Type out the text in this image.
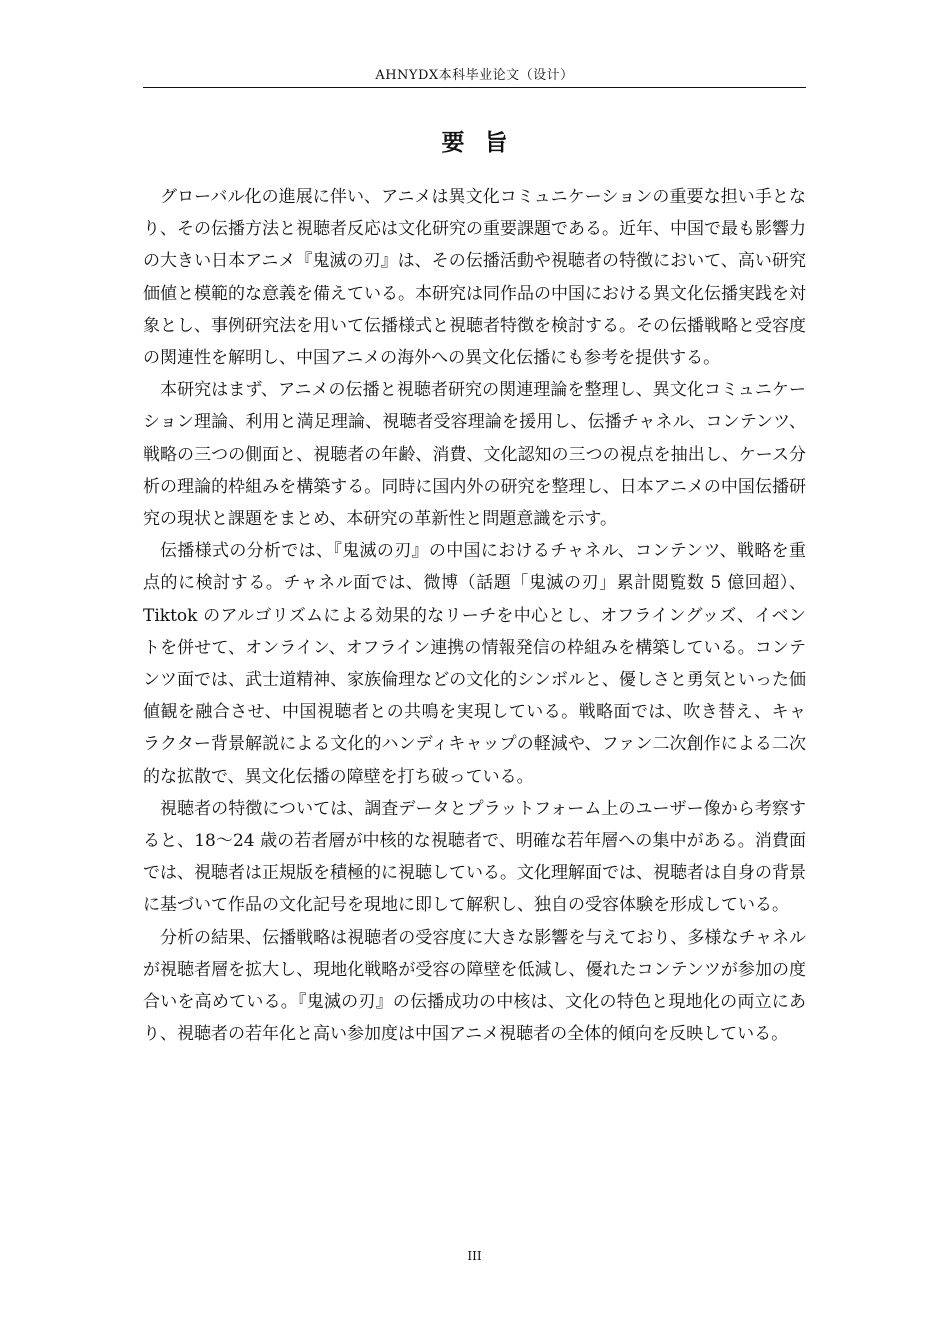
AHNYDX本科毕业论文（设计）
要旨

グローバル化の進展に伴い、アニメは異文化コミュニケーションの重要な担い手となり、その伝播方法と視聴者反応は文化研究の重要課題である。近年、中国で最も影響力の大きい日本アニメ『鬼滅の刃』は、その伝播活動や視聴者の特徴において、高い研究価値と模範的な意義を備えている。本研究は同作品の中国における異文化伝播実践を対象とし、事例研究法を用いて伝播様式と視聴者特徴を検討する。その伝播戦略と受容度の関連性を解明し、中国アニメの海外への異文化伝播にも参考を提供する。

本研究はまず、アニメの伝播と視聴者研究の関連理論を整理し、異文化コミュニケーション理論、利用と満足理論、視聴者受容理論を援用し、伝播チャネル、コンテンツ、戦略の三つの側面と、視聴者の年齢、消費、文化認知の三つの視点を抽出し、ケース分析の理論的枠組みを構築する。同時に国内外の研究を整理し、日本アニメの中国伝播研究の現状と課題をまとめ、本研究の革新性と問題意識を示す。

伝播様式の分析では、『鬼滅の刃』の中国におけるチャネル、コンテンツ、戦略を重点的に検討する。チャネル面では、微博（話題「鬼滅の刃」累計閲覧数 5 億回超）、Tiktok のアルゴリズムによる効果的なリーチを中心とし、オフライングッズ、イベントを併せて、オンライン、オフライン連携の情報発信の枠組みを構築している。コンテンツ面では、武士道精神、家族倫理などの文化的シンボルと、優しさと勇気といった価値観を融合させ、中国視聴者との共鳴を実現している。戦略面では、吹き替え、キャラクター背景解説による文化的ハンディキャップの軽減や、ファン二次創作による二次的な拡散で、異文化伝播の障壁を打ち破っている。

視聴者の特徴については、調査データとプラットフォーム上のユーザー像から考察すると、18～24 歳の若者層が中核的な視聴者で、明確な若年層への集中がある。消費面では、視聴者は正規版を積極的に視聴している。文化理解面では、視聴者は自身の背景に基づいて作品の文化記号を現地に即して解釈し、独自の受容体験を形成している。

分析の結果、伝播戦略は視聴者の受容度に大きな影響を与えており、多様なチャネルが視聴者層を拡大し、現地化戦略が受容の障壁を低減し、優れたコンテンツが参加の度合いを高めている。『鬼滅の刃』の伝播成功の中核は、文化の特色と現地化の両立にあり、視聴者の若年化と高い参加度は中国アニメ視聴者の全体的傾向を反映している。

III
